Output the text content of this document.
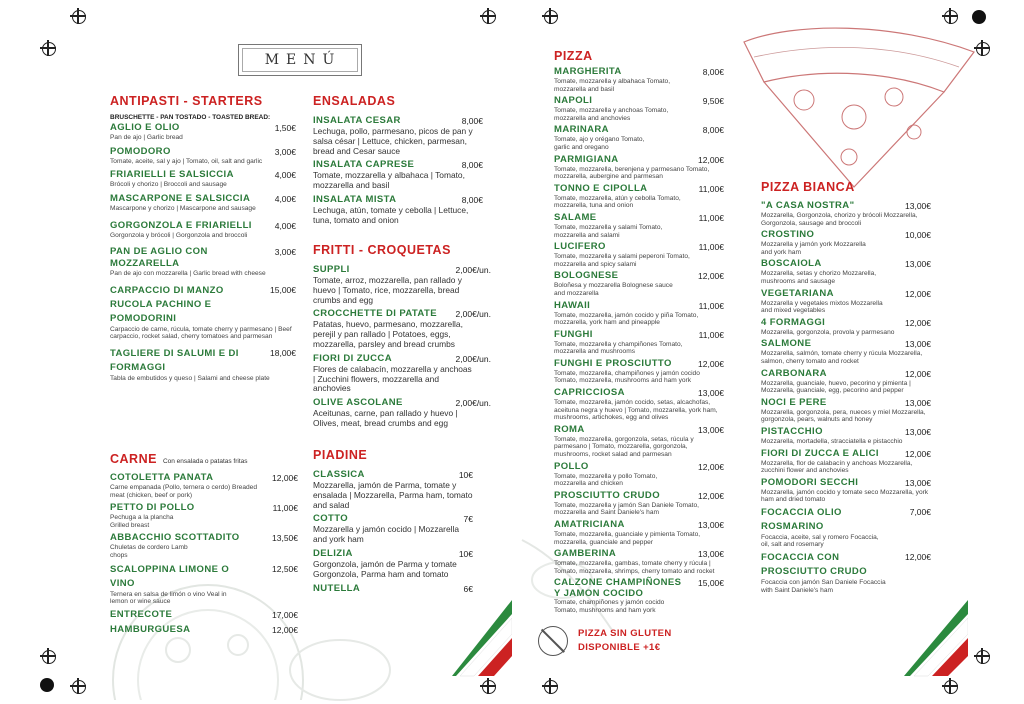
MENÚ
ANTIPASTI - STARTERS
BRUSCHETTE - PAN TOSTADO - TOASTED BREAD:
AGLIO E OLIO	1,50€
Pan de ajo | Garlic bread
POMODORO	3,00€
Tomate, aceite, sal y ajo | Tomato, oil, salt and garlic
FRIARIELLI E SALSICCIA	4,00€
Brócoli y chorizo | Broccoli and sausage
MASCARPONE E SALSICCIA	4,00€
Mascarpone y chorizo | Mascarpone and sausage
GORGONZOLA E FRIARIELLI	4,00€
Gorgonzola y brócoli | Gorgonzola and broccoli
PAN DE AGLIO CON MOZZARELLA
3,00€
Pan de ajo con mozzarella | Garlic bread with cheese
CARPACCIO DI MANZO RUCOLA PACHINO E POMODORINI
15,00€
Carpaccio de carne, rúcula, tomate cherry y parmesano | Beef carpaccio, rocket salad, cherry tomatoes and parmesan
TAGLIERE DI SALUMI E DI FORMAGGI
18,00€
Tabla de embutidos y queso | Salami and cheese plate
CARNE Con ensalada o patatas fritas
COTOLETTA PANATA	12,00€
Carne empanada (Pollo, ternera o cerdo) Breaded meat (chicken, beef or pork)
PETTO DI POLLO	11,00€
Pechuga a la plancha Grilled breast
ABBACCHIO SCOTTADITO	13,50€
Chuletas de cordero Lamb chops
SCALOPPINA LIMONE O VINO
12,50€
Ternera en salsa de limón o vino Veal in lemon or wine sauce
ENTRECOTE	17,00€
HAMBURGUESA	12,00€
ENSALADAS
INSALATA CESAR	8,00€
Lechuga, pollo, parmesano, picos de pan y salsa césar | Lettuce, chicken, parmesan, bread and Cesar sauce
INSALATA CAPRESE	8,00€
Tomate, mozzarella y albahaca | Tomato, mozzarella and basil
INSALATA MISTA	8,00€
Lechuga, atún, tomate y cebolla | Lettuce, tuna, tomato and onion
FRITTI - CROQUETAS
SUPPLI	2,00€/un.
Tomate, arroz, mozzarella, pan rallado y huevo | Tomato, rice, mozzarella, bread crumbs and egg
CROCCHETTE DI PATATE 2,00€/un.
Patatas, huevo, parmesano, mozzarella, perejil y pan rallado | Potatoes, eggs, mozzarella, parsley and bread crumbs
FIORI DI ZUCCA	2,00€/un.
Flores de calabacín, mozzarella y anchoas | Zucchini flowers, mozzarella and anchovies
OLIVE ASCOLANE	2,00€/un.
Aceitunas, carne, pan rallado y huevo | Olives, meat, bread crumbs and egg
PIADINE
CLASSICA	10€
Mozzarella, jamón de Parma, tomate y ensalada | Mozzarella, Parma ham, tomato and salad
COTTO	7€
Mozzarella y jamón cocido | Mozzarella and york ham
DELIZIA	10€
Gorgonzola, jamón de Parma y tomate Gorgonzola, Parma ham and tomato
NUTELLA	6€
PIZZA
MARGHERITA	8,00€
Tomate, mozzarella y albahaca Tomato, mozzarella and basil
NAPOLI	9,50€
Tomate, mozzarella y anchoas Tomato, mozzarella and anchovies
MARINARA	8,00€
Tomate, ajo y orégano Tomato, garlic and oregano
PARMIGIANA	12,00€
Tomate, mozzarella, berenjena y parmesano Tomato, mozzarella, aubergine and parmesan
TONNO E CIPOLLA	11,00€
Tomate, mozzarella, atún y cebolla Tomato, mozzarella, tuna and onion
SALAME	11,00€
Tomate, mozzarella y salami Tomato, mozzarella and salami
LUCIFERO	11,00€
Tomate, mozzarella y salami peperoni Tomato, mozzarella and spicy salami
BOLOGNESE	12,00€
Boloñesa y mozzarella Bolognese sauce and mozzarella
HAWAII	11,00€
Tomate, mozzarella, jamón cocido y piña Tomato, mozzarella, york ham and pineapple
FUNGHI	11,00€
Tomate, mozzarella y champiñones Tomato, mozzarella and mushrooms
FUNGHI E PROSCIUTTO	12,00€
Tomate, mozzarella, champiñones y jamón cocido Tomato, mozzarella, mushrooms and ham york
CAPRICCIOSA	13,00€
Tomate, mozzarella, jamón cocido, setas, alcachofas, aceituna negra y huevo | Tomato, mozzarella, york ham, mushrooms, artichokes, egg and olives
ROMA	13,00€
Tomate, mozzarella, gorgonzola, setas, rúcula y parmesano | Tomato, mozzarella, gorgonzola, mushrooms, rocket salad and parmesan
POLLO	12,00€
Tomate, mozzarella y pollo Tomato, mozzarella and chicken
PROSCIUTTO CRUDO	12,00€
Tomate, mozzarella y jamón San Daniele Tomato, mozzarella and Saint Daniele's ham
AMATRICIANA	13,00€
Tomate, mozzarella, guanciale y pimienta Tomato, mozzarella, guanciale and pepper
GAMBERINA	13,00€
Tomate, mozzarella, gambas, tomate cherry y rúcula | Tomato, mozzarella, shrimps, cherry tomato and rocket
CALZONE CHAMPIÑONES Y JAMON COCIDO
15,00€
Tomate, champiñones y jamón cocido Tomato, mushrooms and ham york
PIZZA BIANCA
"A CASA NOSTRA"	13,00€
Mozzarella, Gorgonzola, chorizo y brócoli Mozzarella, Gorgonzola, sausage and broccoli
CROSTINO	10,00€
Mozzarella y jamón york Mozzarella and york ham
BOSCAIOLA	13,00€
Mozzarella, setas y chorizo Mozzarella, mushrooms and sausage
VEGETARIANA	12,00€
Mozzarella y vegetales mixtos Mozzarella and mixed vegetables
4 FORMAGGI	12,00€
Mozzarella, gorgonzola, provola y parmesano
SALMONE	13,00€
Mozzarella, salmón, tomate cherry y rúcula Mozzarella, salmon, cherry tomato and rocket
CARBONARA	12,00€
Mozzarella, guanciale, huevo, pecorino y pimienta | Mozzarella, guanciale, egg, pecorino and pepper
NOCI E PERE	13,00€
Mozzarella, gorgonzola, pera, nueces y miel Mozzarella, gorgonzola, pears, walnuts and honey
PISTACCHIO	13,00€
Mozzarella, mortadella, stracciatella e pistacchio
FIORI DI ZUCCA E ALICI	12,00€
Mozzarella, flor de calabacín y anchoas Mozzarella, zucchini flower and anchovies
POMODORI SECCHI	13,00€
Mozzarella, jamón cocido y tomate seco Mozzarella, york ham and dried tomato
FOCACCIA OLIO ROSMARINO
7,00€
Focaccia, aceite, sal y romero Focaccia, oil, salt and rosemary
FOCACCIA CON PROSCIUTTO CRUDO
12,00€
Focaccia con jamón San Daniele Focaccia with Saint Daniele's ham
PIZZA SIN GLUTEN
DISPONIBLE +1€
